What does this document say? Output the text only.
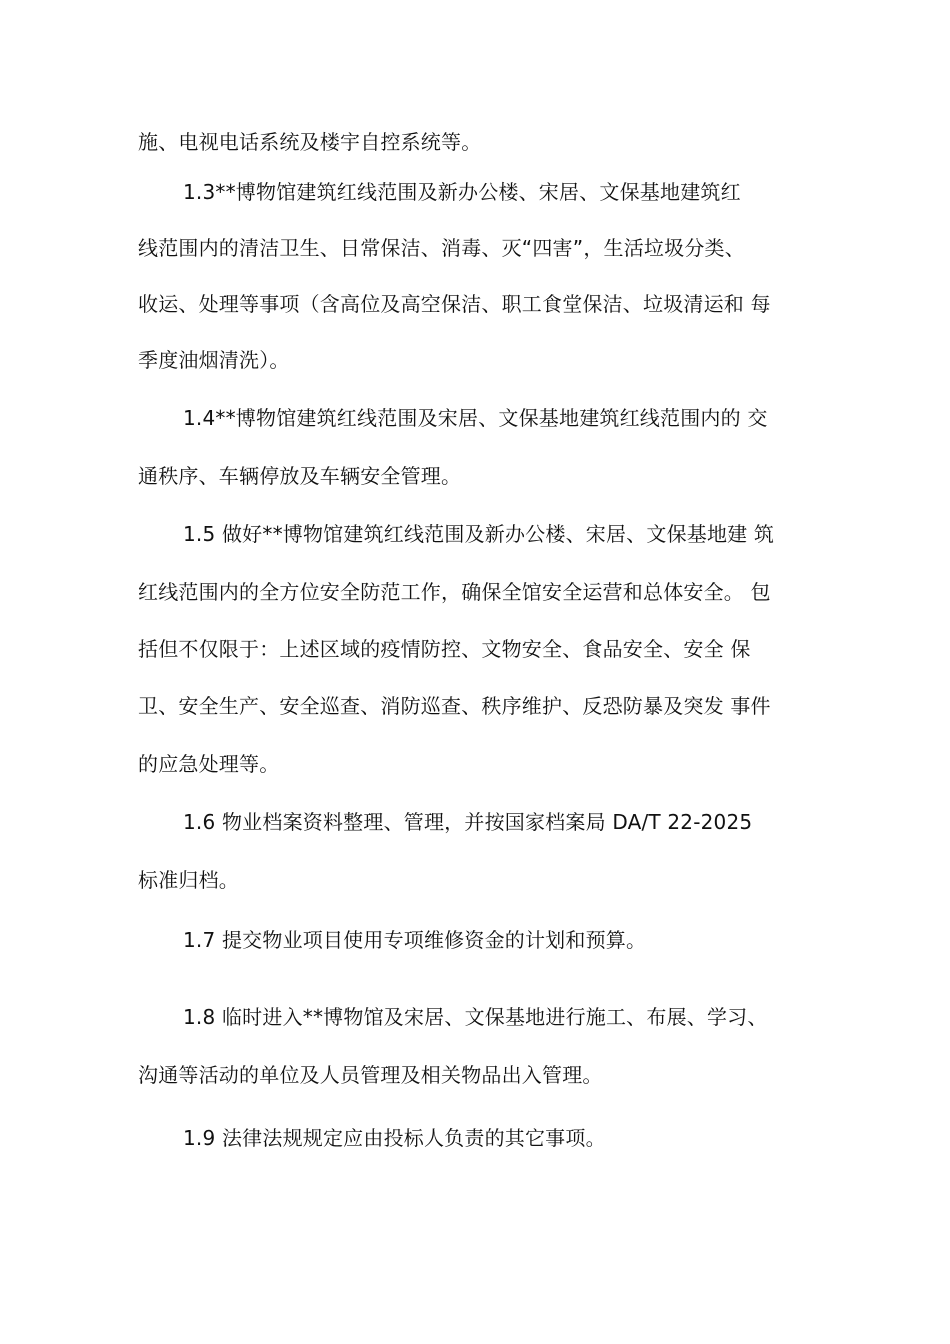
施、电视电话系统及楼宇自控系统等。
1.3**博物馆建筑红线范围及新办公楼、宋居、文保基地建筑红
线范围内的清洁卫生、日常保洁、消毒、灭“四害”，生活垃圾分类、
收运、处理等事项（含高位及高空保洁、职工食堂保洁、垃圾清运和 每
季度油烟清洗）。
1.4**博物馆建筑红线范围及宋居、文保基地建筑红线范围内的 交
通秩序、车辆停放及车辆安全管理。
1.5 做好**博物馆建筑红线范围及新办公楼、宋居、文保基地建 筑
红线范围内的全方位安全防范工作，确保全馆安全运营和总体安全。 包
括但不仅限于：上述区域的疫情防控、文物安全、食品安全、安全 保
卫、安全生产、安全巡查、消防巡查、秩序维护、反恐防暴及突发 事件
的应急处理等。
1.6 物业档案资料整理、管理，并按国家档案局 DA/T 22-2025
标准归档。
1.7 提交物业项目使用专项维修资金的计划和预算。
1.8 临时进入**博物馆及宋居、文保基地进行施工、布展、学习、
沟通等活动的单位及人员管理及相关物品出入管理。
1.9 法律法规规定应由投标人负责的其它事项。
